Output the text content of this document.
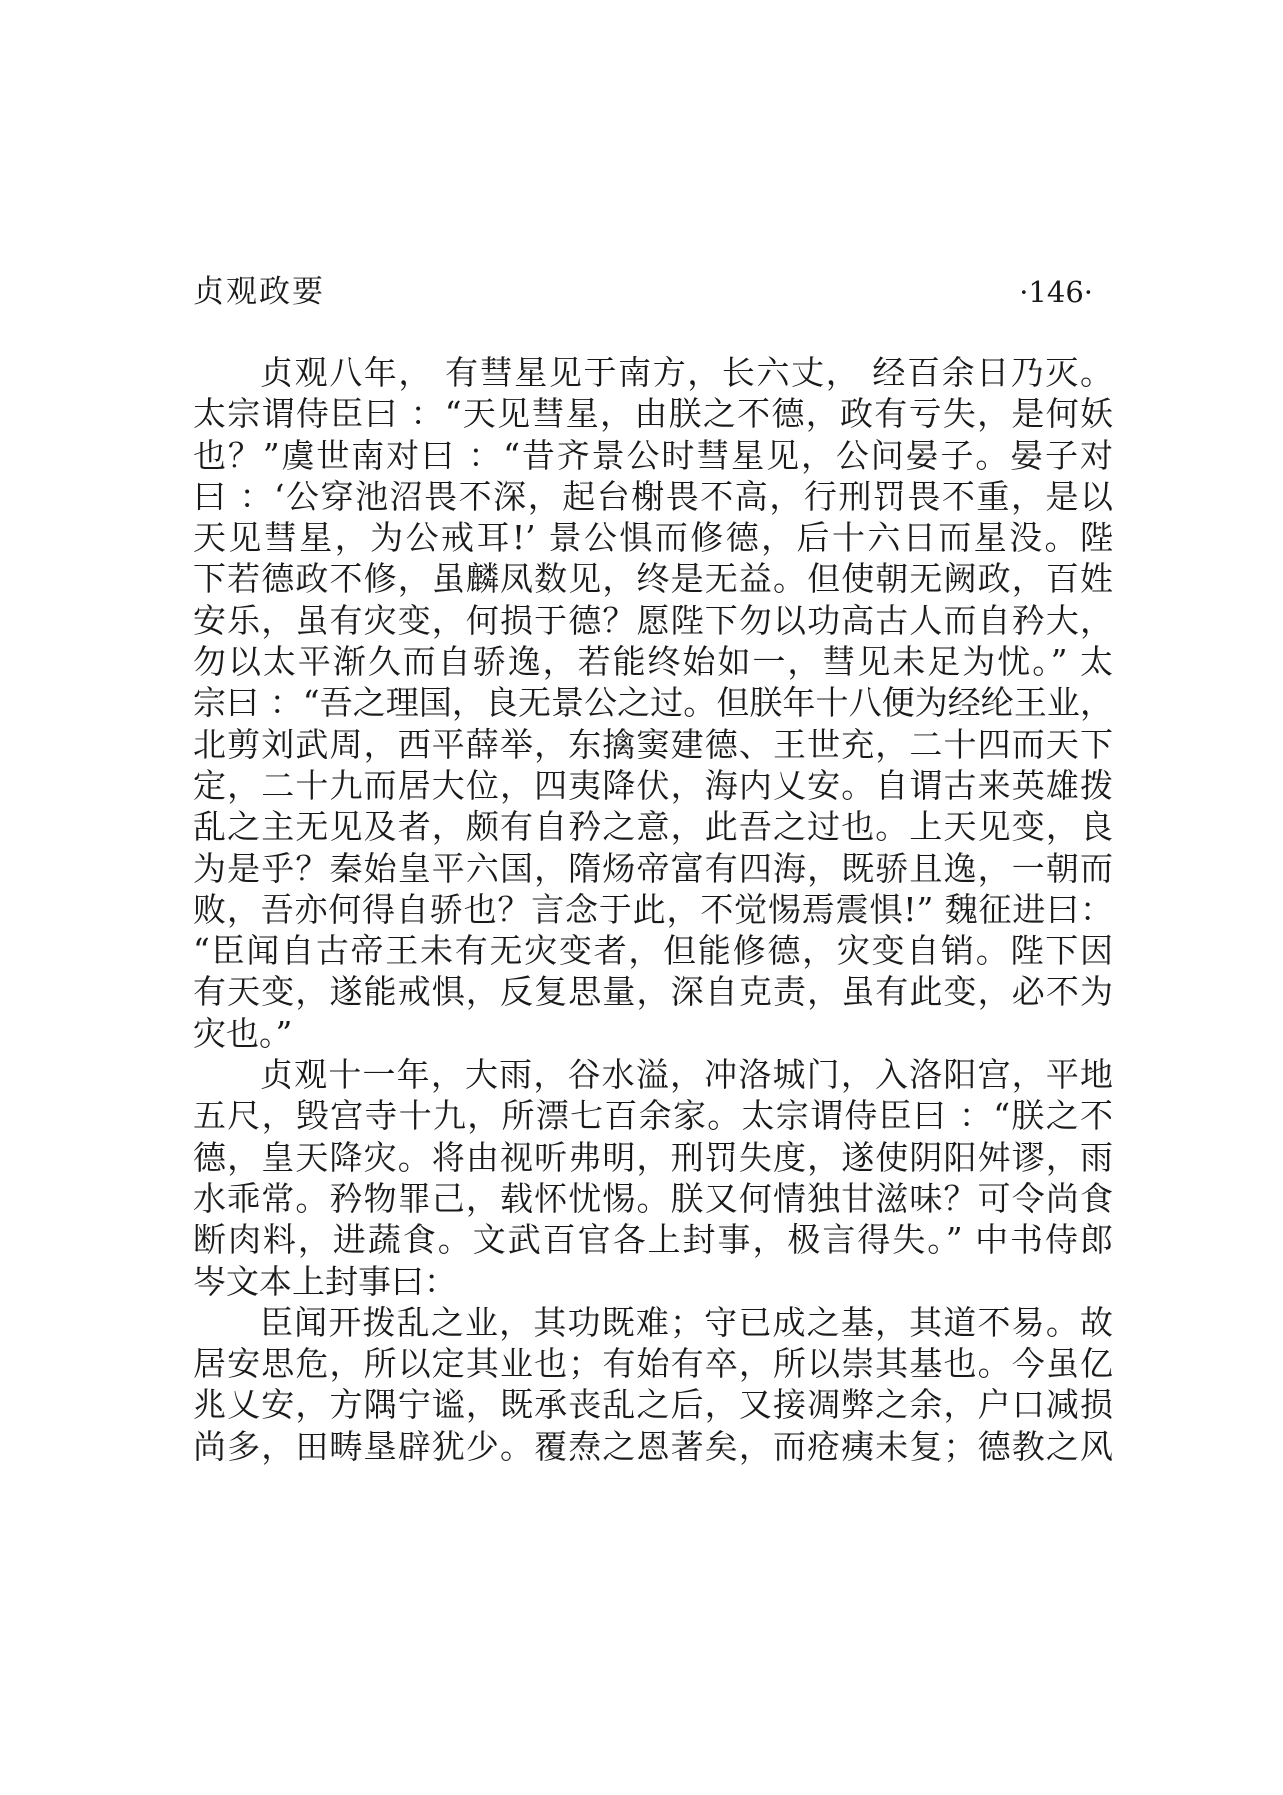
贞观政要	·146·
贞观八年， 有彗星见于南方，长六丈， 经百余日乃灭。
太宗谓侍臣曰 ：“天见彗星，由朕之不德，政有亏失，是何妖
也？”虞世南对曰 ：“昔齐景公时彗星见，公问晏子。晏子对
曰 ：‘公穿池沼畏不深，起台榭畏不高，行刑罚畏不重，是以
天见彗星，为公戒耳!’ 景公惧而修德，后十六日而星没。陛
下若德政不修，虽麟凤数见，终是无益。但使朝无阙政，百姓
安乐，虽有灾变，何损于德？愿陛下勿以功高古人而自矜大，
勿以太平渐久而自骄逸，若能终始如一，彗见未足为忧。” 太
宗曰 ：“吾之理国，良无景公之过。但朕年十八便为经纶王业，
北剪刘武周，西平薛举，东擒窦建德、王世充，二十四而天下
定，二十九而居大位，四夷降伏，海内乂安。自谓古来英雄拨
乱之主无见及者，颇有自矜之意，此吾之过也。上天见变，良
为是乎？秦始皇平六国，隋炀帝富有四海，既骄且逸，一朝而
败，吾亦何得自骄也？言念于此，不觉惕焉震惧!” 魏征进曰：
“臣闻自古帝王未有无灾变者，但能修德，灾变自销。陛下因
有天变，遂能戒惧，反复思量，深自克责，虽有此变，必不为
灾也。”
贞观十一年，大雨，谷水溢，冲洛城门，入洛阳宫，平地
五尺，毁宫寺十九，所漂七百余家。太宗谓侍臣曰 ：“朕之不
德，皇天降灾。将由视听弗明，刑罚失度，遂使阴阳舛谬，雨
水乖常。矜物罪己，载怀忧惕。朕又何情独甘滋味？可令尚食
断肉料，进蔬食。文武百官各上封事，极言得失。” 中书侍郎
岑文本上封事曰：
臣闻开拨乱之业，其功既难；守已成之基，其道不易。故
居安思危，所以定其业也；有始有卒，所以崇其基也。今虽亿
兆乂安，方隅宁谧，既承丧乱之后，又接凋弊之余，户口减损
尚多，田畴垦辟犹少。覆焘之恩著矣，而疮痍未复；德教之风
